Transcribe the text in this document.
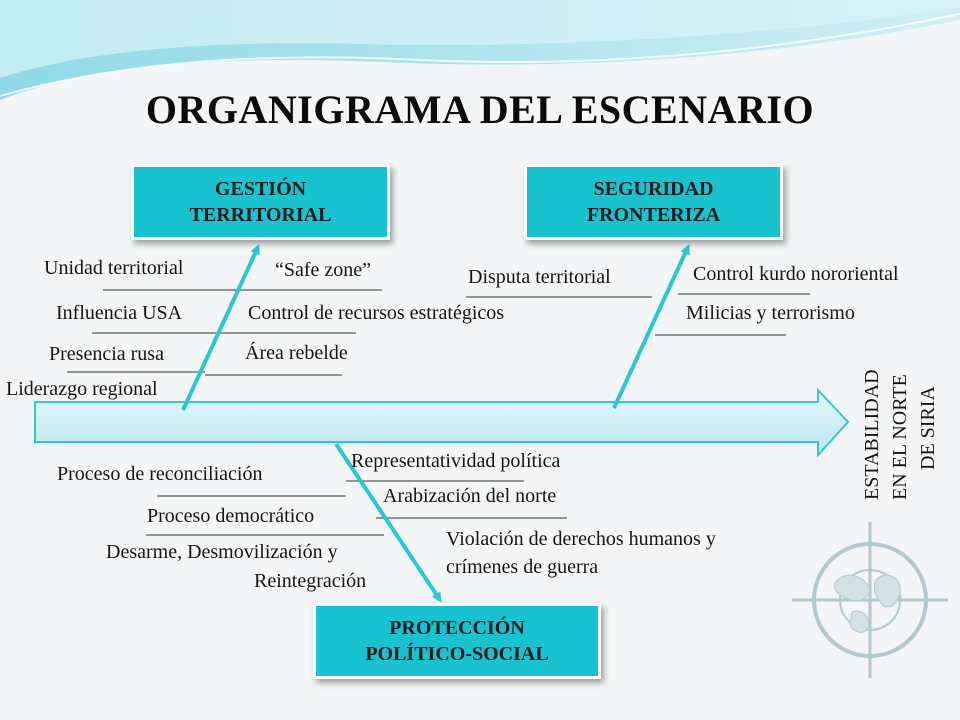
ORGANIGRAMA DEL ESCENARIO
GESTIÓN
TERRITORIAL
SEGURIDAD
FRONTERIZA
PROTECCIÓN
POLÍTICO-SOCIAL
Unidad territorial	“Safe zone”
Influencia USA	Control de recursos estratégicos
Presencia rusa	Área rebelde
Liderazgo regional
Disputa territorial	Control kurdo nororiental
Milicias y terrorismo
Proceso de reconciliación
Representatividad política
Arabización del norte
Proceso democrático
Desarme, Desmovilización y
Reintegración
Violación de derechos humanos y
crímenes de guerra
ESTABILIDAD EN EL NORTE DE SIRIA
